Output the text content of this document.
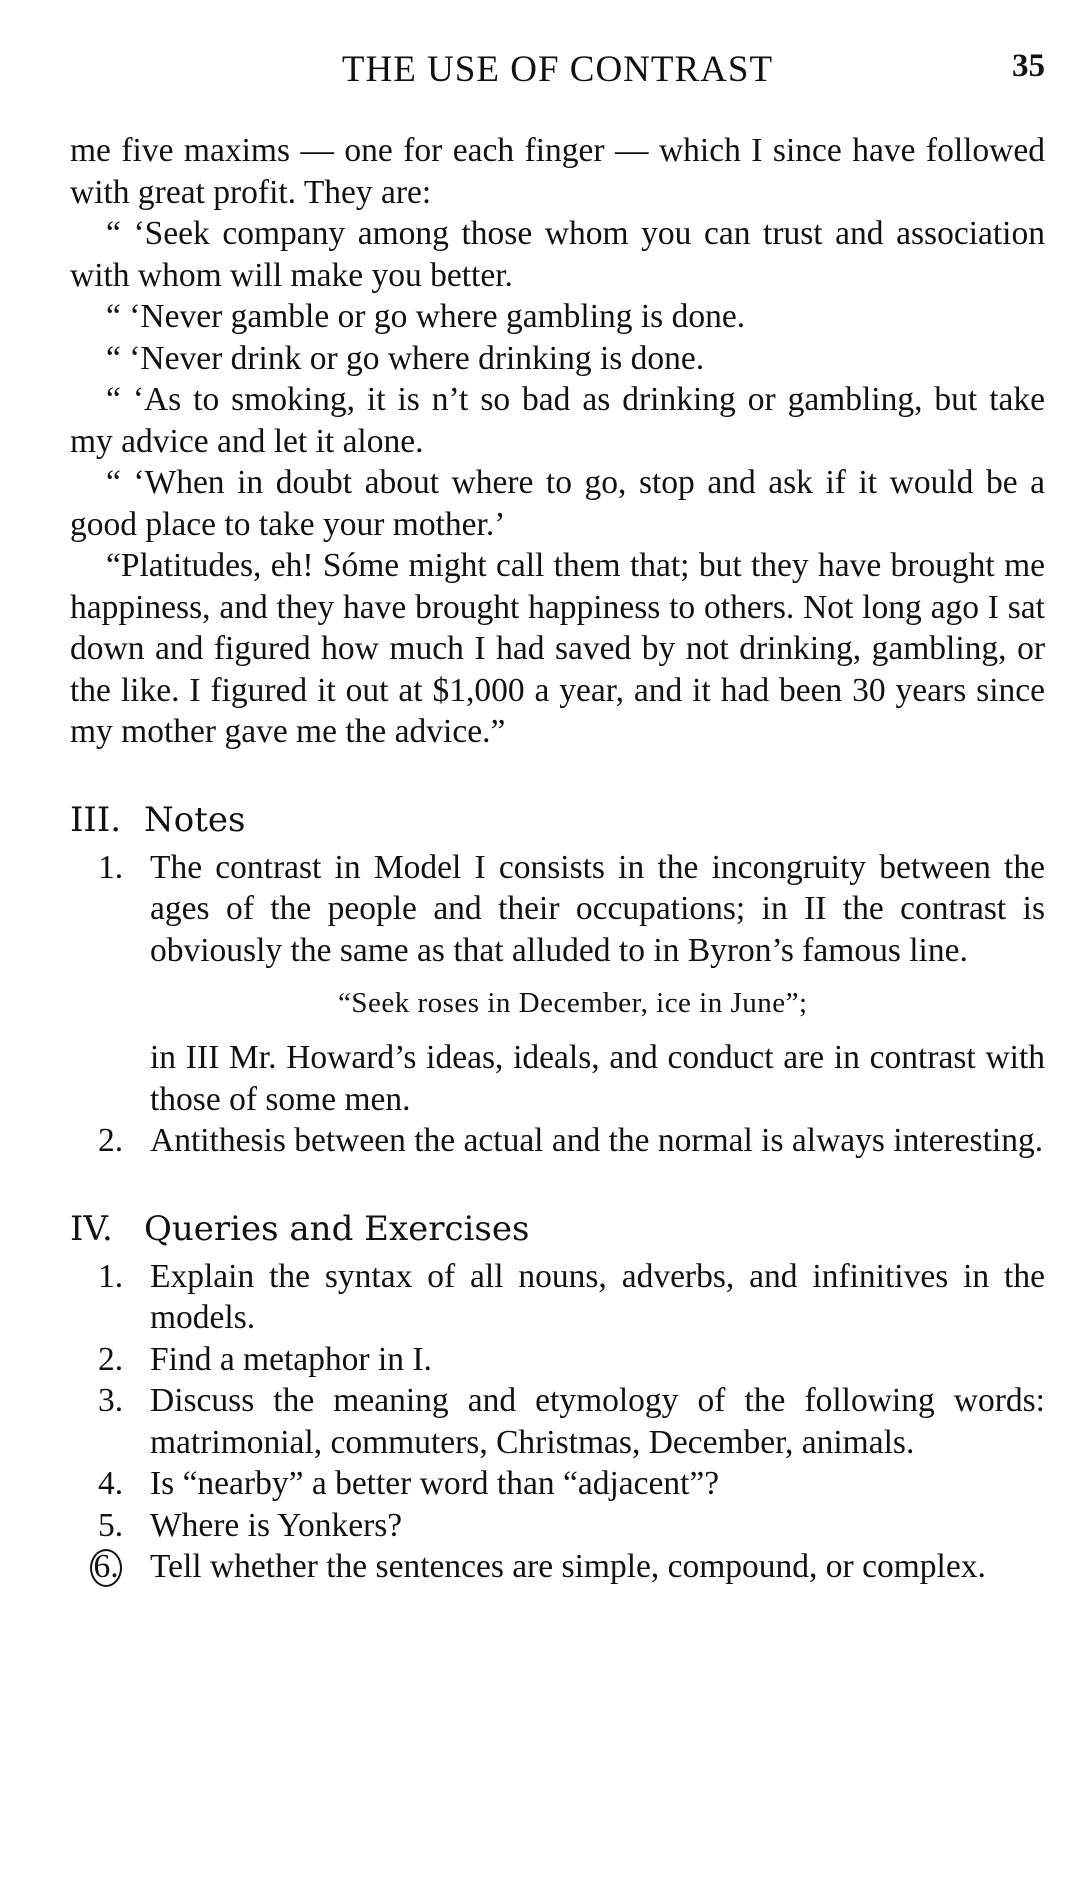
THE USE OF CONTRAST	35

me five maxims — one for each finger — which I since have followed with great profit. They are:

“ ‘Seek company among those whom you can trust and association with whom will make you better.

“ ‘Never gamble or go where gambling is done.

“ ‘Never drink or go where drinking is done.

“ ‘As to smoking, it is n’t so bad as drinking or gambling, but take my advice and let it alone.

“ ‘When in doubt about where to go, stop and ask if it would be a good place to take your mother.’

“Platitudes, eh! Sóme might call them that; but they have brought me happiness, and they have brought happiness to others. Not long ago I sat down and figured how much I had saved by not drinking, gambling, or the like. I figured it out at $1,000 a year, and it had been 30 years since my mother gave me the advice.”

III. Notes
1. The contrast in Model I consists in the incongruity between the ages of the people and their occupations; in II the contrast is obviously the same as that alluded to in Byron’s famous line.
“Seek roses in December, ice in June”;
in III Mr. Howard’s ideas, ideals, and conduct are in contrast with those of some men.
2. Antithesis between the actual and the normal is always interesting.
IV. Queries and Exercises
1. Explain the syntax of all nouns, adverbs, and infinitives in the models.
2. Find a metaphor in I.
3. Discuss the meaning and etymology of the following words: matrimonial, commuters, Christmas, December, animals.
4. Is “nearby” a better word than “adjacent”?
5. Where is Yonkers?
6. Tell whether the sentences are simple, compound, or complex.
